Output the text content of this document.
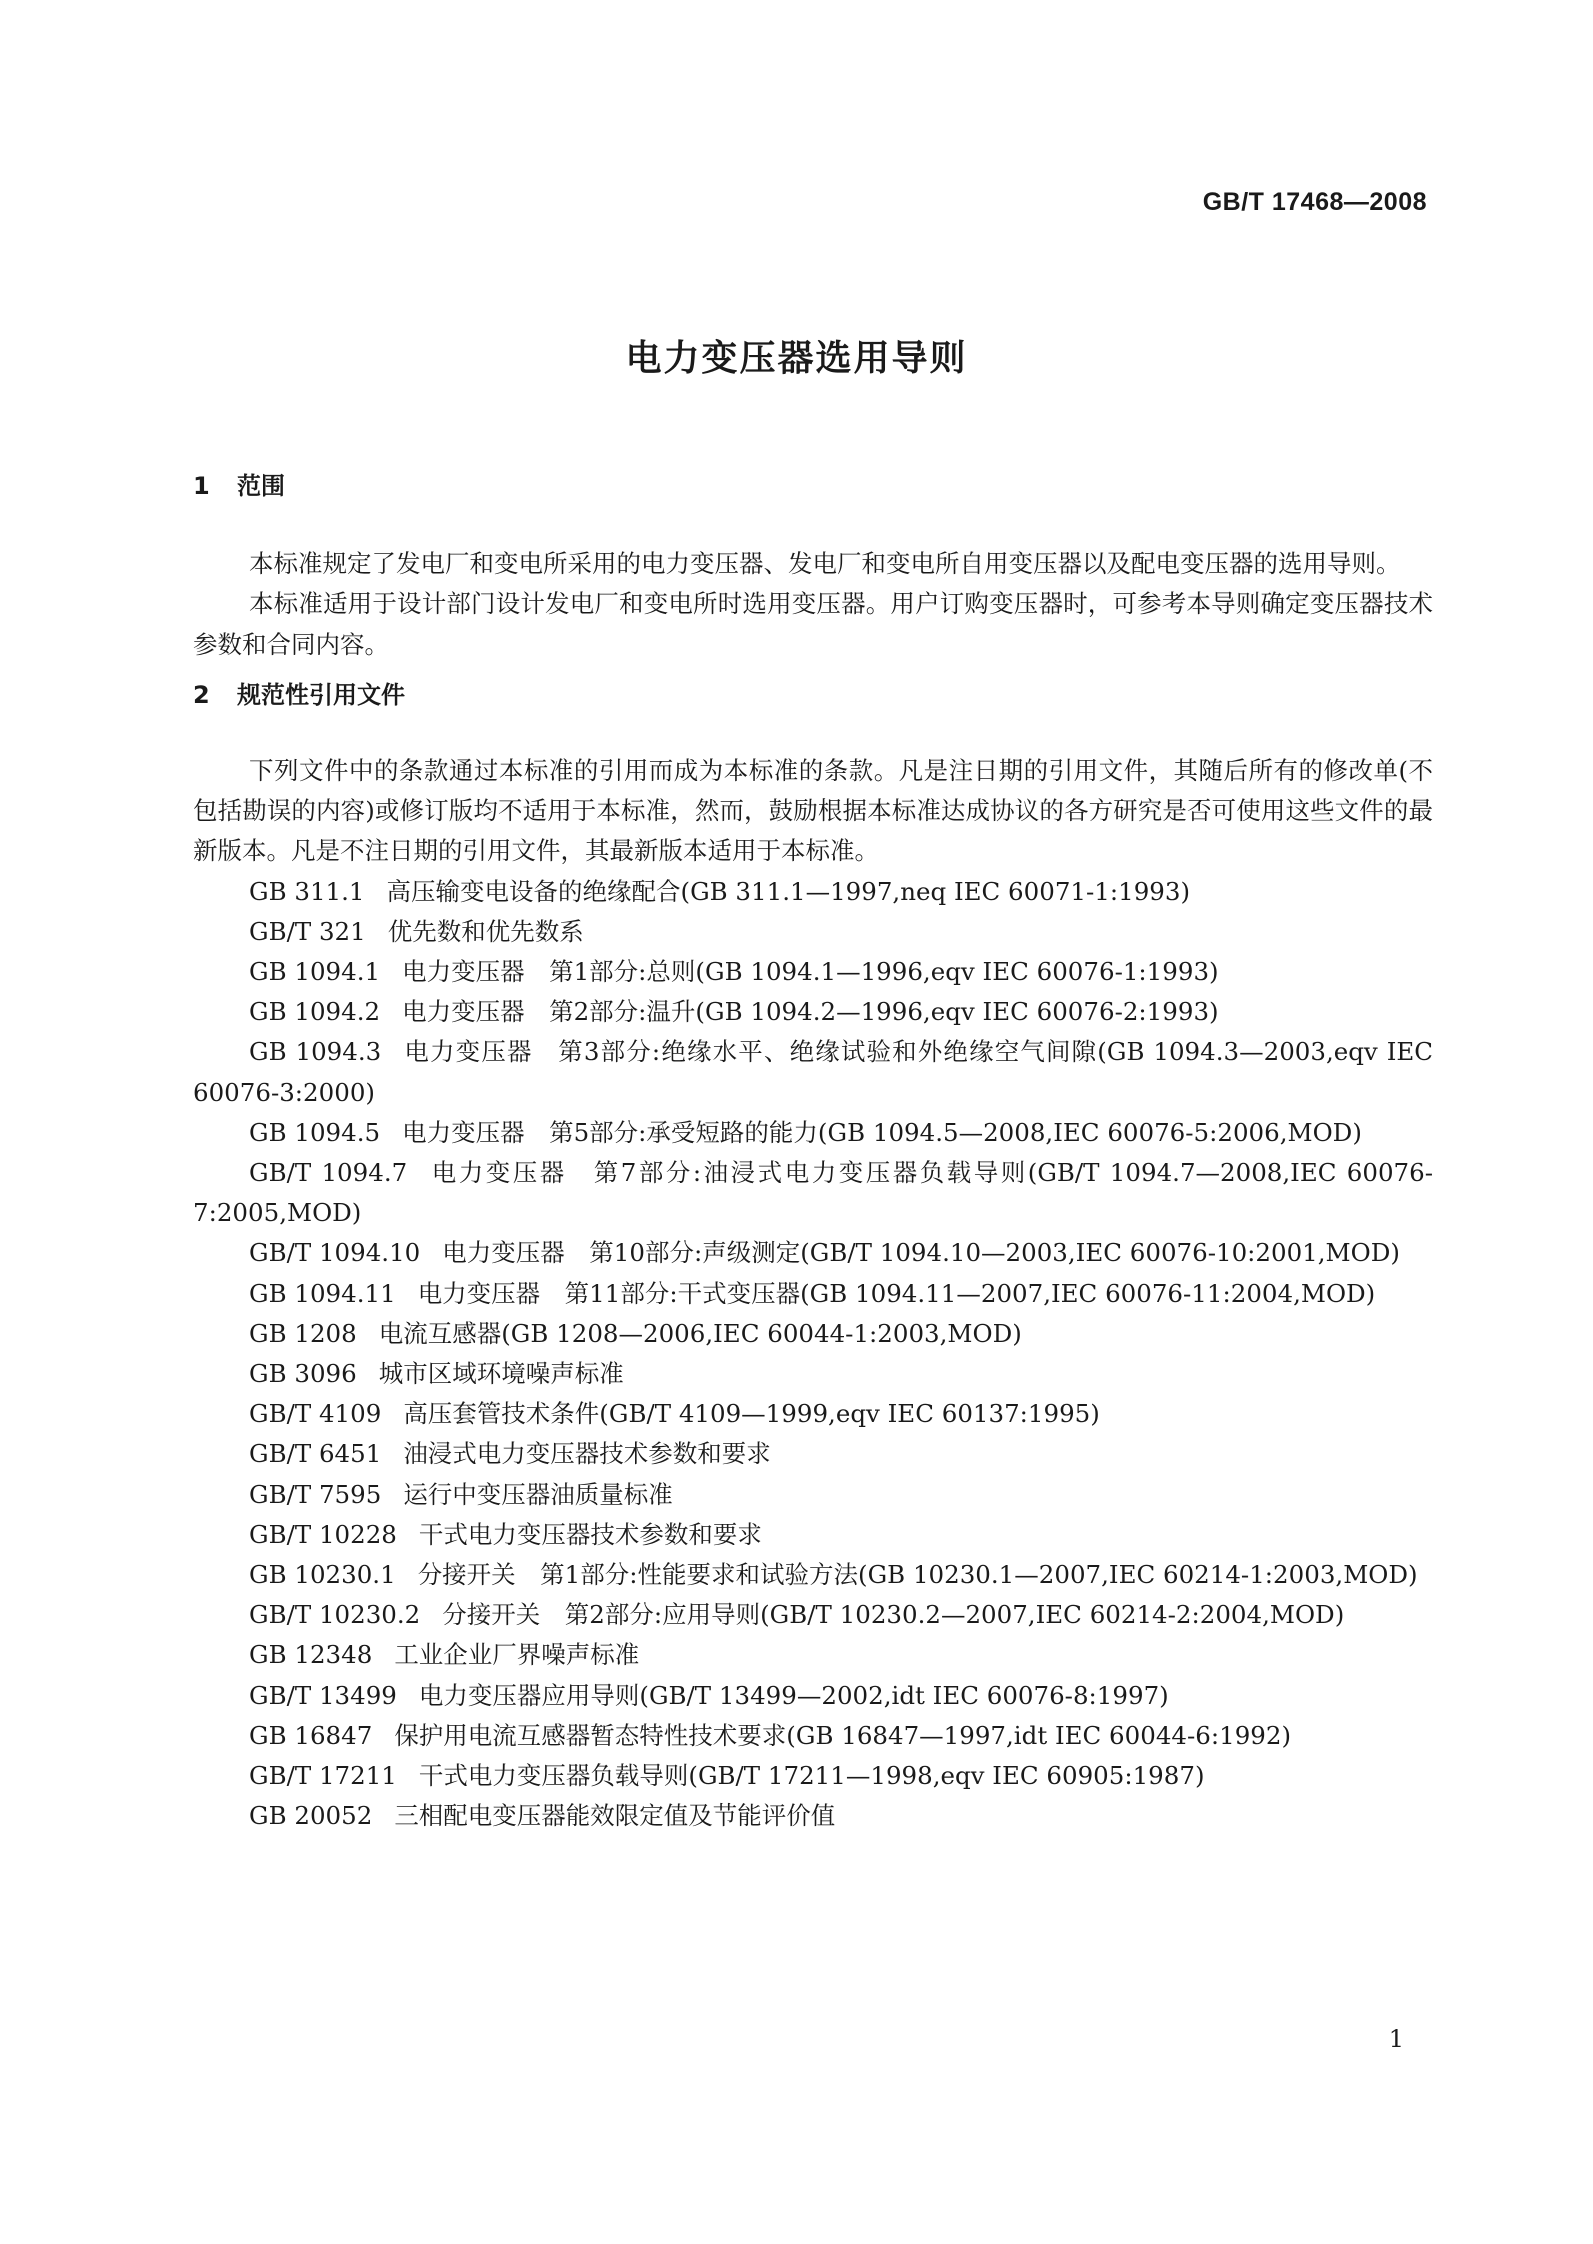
GB/T 17468—2008
电力变压器选用导则
1 范围

本标准规定了发电厂和变电所采用的电力变压器、发电厂和变电所自用变压器以及配电变压器的选用导则。

本标准适用于设计部门设计发电厂和变电所时选用变压器。用户订购变压器时，可参考本导则确定变压器技术参数和合同内容。

2 规范性引用文件

下列文件中的条款通过本标准的引用而成为本标准的条款。凡是注日期的引用文件，其随后所有的修改单(不包括勘误的内容)或修订版均不适用于本标准，然而，鼓励根据本标准达成协议的各方研究是否可使用这些文件的最新版本。凡是不注日期的引用文件，其最新版本适用于本标准。

GB 311.1 高压输变电设备的绝缘配合(GB 311.1—1997,neq IEC 60071-1:1993)

GB/T 321 优先数和优先数系

GB 1094.1 电力变压器　第1部分:总则(GB 1094.1—1996,eqv IEC 60076-1:1993)

GB 1094.2 电力变压器　第2部分:温升(GB 1094.2—1996,eqv IEC 60076-2:1993)

GB 1094.3 电力变压器　第3部分:绝缘水平、绝缘试验和外绝缘空气间隙(GB 1094.3—2003,eqv IEC 60076-3:2000)

GB 1094.5 电力变压器　第5部分:承受短路的能力(GB 1094.5—2008,IEC 60076-5:2006,MOD)

GB/T 1094.7 电力变压器　第7部分:油浸式电力变压器负载导则(GB/T 1094.7—2008,IEC 60076-7:2005,MOD)

GB/T 1094.10 电力变压器　第10部分:声级测定(GB/T 1094.10—2003,IEC 60076-10:2001,MOD)

GB 1094.11 电力变压器　第11部分:干式变压器(GB 1094.11—2007,IEC 60076-11:2004,MOD)

GB 1208 电流互感器(GB 1208—2006,IEC 60044-1:2003,MOD)

GB 3096 城市区域环境噪声标准

GB/T 4109 高压套管技术条件(GB/T 4109—1999,eqv IEC 60137:1995)

GB/T 6451 油浸式电力变压器技术参数和要求

GB/T 7595 运行中变压器油质量标准

GB/T 10228 干式电力变压器技术参数和要求

GB 10230.1 分接开关　第1部分:性能要求和试验方法(GB 10230.1—2007,IEC 60214-1:2003,MOD)

GB/T 10230.2 分接开关　第2部分:应用导则(GB/T 10230.2—2007,IEC 60214-2:2004,MOD)

GB 12348 工业企业厂界噪声标准

GB/T 13499 电力变压器应用导则(GB/T 13499—2002,idt IEC 60076-8:1997)

GB 16847 保护用电流互感器暂态特性技术要求(GB 16847—1997,idt IEC 60044-6:1992)

GB/T 17211 干式电力变压器负载导则(GB/T 17211—1998,eqv IEC 60905:1987)

GB 20052 三相配电变压器能效限定值及节能评价值

1
